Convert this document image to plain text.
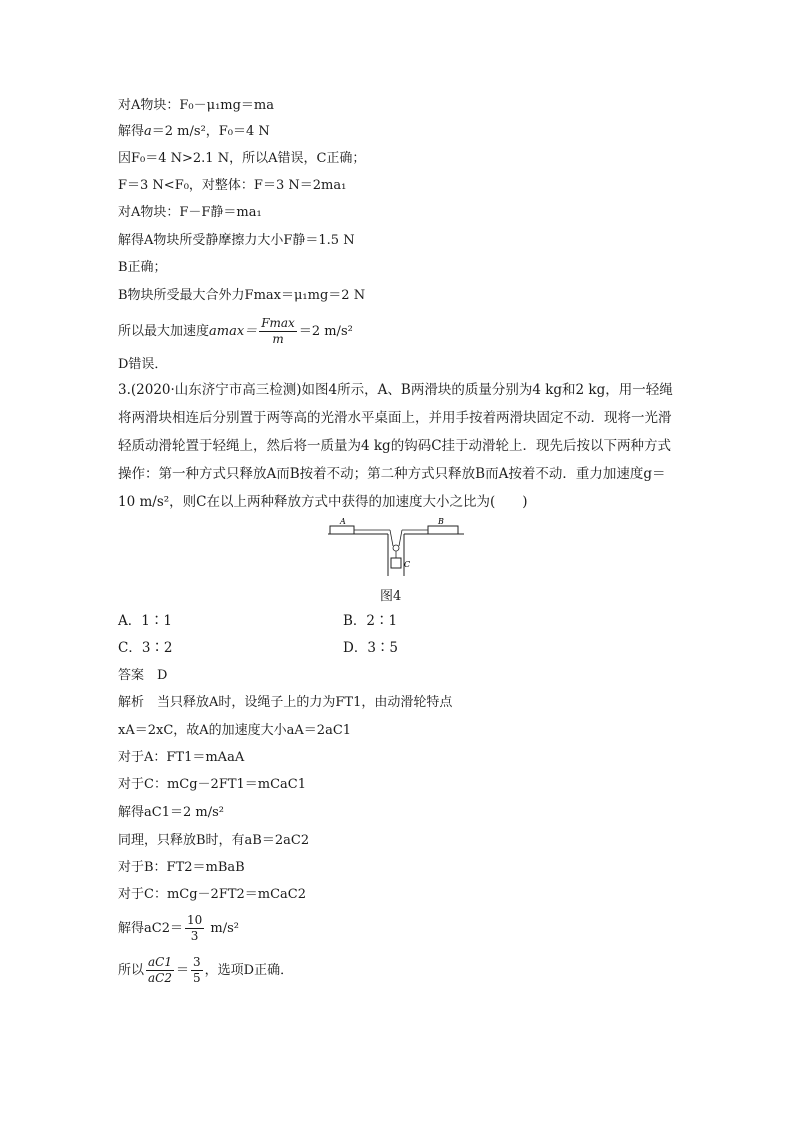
对A物块：F₀－μ₁mg＝ma
解得a＝2 m/s²，F₀＝4 N
因F₀＝4 N>2.1 N，所以A错误，C正确；
F＝3 N<F₀，对整体：F＝3 N＝2ma₁
对A物块：F－F静＝ma₁
解得A物块所受静摩擦力大小F静＝1.5 N
B正确；
B物块所受最大合外力Fmax＝μ₁mg＝2 N
所以最大加速度$amax= \frac{Fmax}{m} =2$ m/s²
D错误．
3.(2020·山东济宁市高三检测)如图4所示，A、B两滑块的质量分别为4 kg和2 kg，用一轻绳将两滑块相连后分别置于两等高的光滑水平桌面上，并用手按着两滑块固定不动．现将一光滑轻质动滑轮置于轻绳上，然后将一质量为4 kg的钩码C挂于动滑轮上．现先后按以下两种方式操作：第一种方式只释放A而B按着不动；第二种方式只释放B而A按着不动．重力加速度g＝10 m/s²，则C在以上两种释放方式中获得的加速度大小之比为(　　)
A	B
C
图4
A．1∶1	B．2∶1
C．3∶2	D．3∶5
答案　D
解析　当只释放A时，设绳子上的力为FT1，由动滑轮特点
xA＝2xC，故A的加速度大小aA＝2aC1
对于A：FT1＝mAaA
对于C：mCg－2FT1＝mCaC1
解得aC1＝2 m/s²
同理，只释放B时，有aB＝2aC2
对于B：FT2＝mBaB
对于C：mCg－2FT2＝mCaC2
解得$aC2= \frac{10}{3} m/s^2$
所以 $\frac{aC1}{aC2} = \frac{3}{5}$ ，选项D正确．
